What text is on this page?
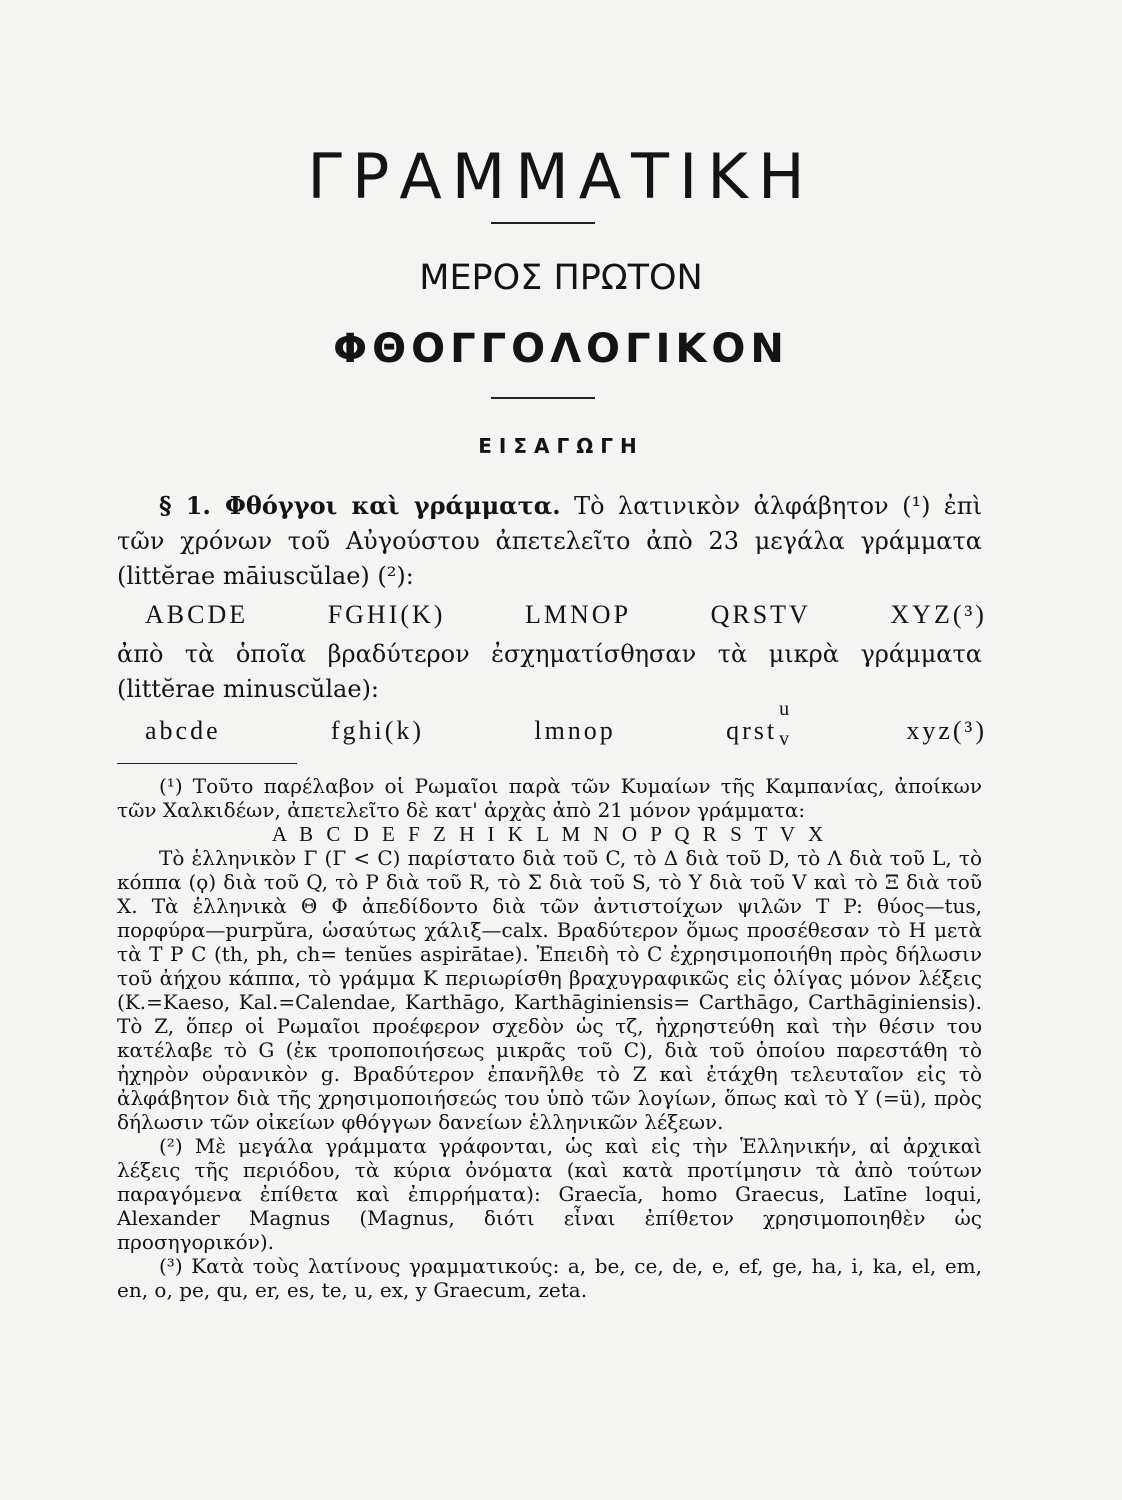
ΓΡΑΜΜΑΤΙΚΗ
ΜΕΡΟΣ ΠΡΩΤΟΝ
ΦΘΟΓΓΟΛΟΓΙΚΟΝ
ΕΙΣΑΓΩΓΗ
§ 1. Φθόγγοι καὶ γράμματα. Τὸ λατινικὸν ἀλφάβητον (¹) ἐπὶ τῶν χρόνων τοῦ Αὐγούστου ἀπετελεῖτο ἀπὸ 23 μεγάλα γράμματα (littĕrae māiuscŭlae) (²):
ABCDE	FGHI(K)	LMNOP	QRSTV	XYZ(³)
ἀπὸ τὰ ὁποῖα βραδύτερον ἐσχηματίσθησαν τὰ μικρὰ γράμματα (littĕrae minuscŭlae):
abcde	fghi(k)	lmnop	qrst
u
v	xyz(³)

(¹) Τοῦτο παρέλαβον οἱ Ρωμαῖοι παρὰ τῶν Κυμαίων τῆς Καμπανίας, ἀποίκων τῶν Χαλκιδέων, ἀπετελεῖτο δὲ κατ' ἀρχὰς ἀπὸ 21 μόνον γράμματα:

A B C D E F Z H I K L M N O P Q R S T V X

Τὸ ἑλληνικὸν Γ (Γ < C) παρίστατο διὰ τοῦ C, τὸ Δ διὰ τοῦ D, τὸ Λ διὰ τοῦ L, τὸ κόππα (ϙ) διὰ τοῦ Q, τὸ Ρ διὰ τοῦ R, τὸ Σ διὰ τοῦ S, τὸ Υ διὰ τοῦ V καὶ τὸ Ξ διὰ τοῦ X. Τὰ ἑλληνικὰ Θ Φ ἀπεδίδοντο διὰ τῶν ἀντιστοίχων ψιλῶν T P: θύος—tus, πορφύρα—purpŭra, ὡσαύτως χάλιξ—calx. Βραδύτερον ὅμως προσέθεσαν τὸ H μετὰ τὰ T P C (th, ph, ch= tenŭes aspirātae). Ἐπειδὴ τὸ C ἐχρησιμοποιήθη πρὸς δήλωσιν τοῦ ἀήχου κάππα, τὸ γράμμα K περιωρίσθη βραχυγραφικῶς εἰς ὀλίγας μόνον λέξεις (K.=Kaeso, Kal.=Calendae, Karthāgo, Karthāginiensis= Carthāgo, Carthāginiensis). Τὸ Z, ὅπερ οἱ Ρωμαῖοι προέφερον σχεδὸν ὡς τζ, ἠχρηστεύθη καὶ τὴν θέσιν του κατέλαβε τὸ G (ἐκ τροποποιήσεως μικρᾶς τοῦ C), διὰ τοῦ ὁποίου παρεστάθη τὸ ἠχηρὸν οὐρανικὸν g. Βραδύτερον ἐπανῆλθε τὸ Z καὶ ἐτάχθη τελευταῖον εἰς τὸ ἀλφάβητον διὰ τῆς χρησιμοποιήσεώς του ὑπὸ τῶν λογίων, ὅπως καὶ τὸ Y (=ü), πρὸς δήλωσιν τῶν οἰκείων φθόγγων δανείων ἑλληνικῶν λέξεων.

(²) Μὲ μεγάλα γράμματα γράφονται, ὡς καὶ εἰς τὴν Ἑλληνικήν, αἱ ἀρχικαὶ λέξεις τῆς περιόδου, τὰ κύρια ὀνόματα (καὶ κατὰ προτίμησιν τὰ ἀπὸ τούτων παραγόμενα ἐπίθετα καὶ ἐπιρρήματα): Graecĭa, homo Graecus, Latīne loqui, Alexander Magnus (Magnus, διότι εἶναι ἐπίθετον χρησιμοποιηθὲν ὡς προσηγορικόν).

(³) Κατὰ τοὺς λατίνους γραμματικούς: a, be, ce, de, e, ef, ge, ha, i, ka, el, em, en, o, pe, qu, er, es, te, u, ex, y Graecum, zeta.
